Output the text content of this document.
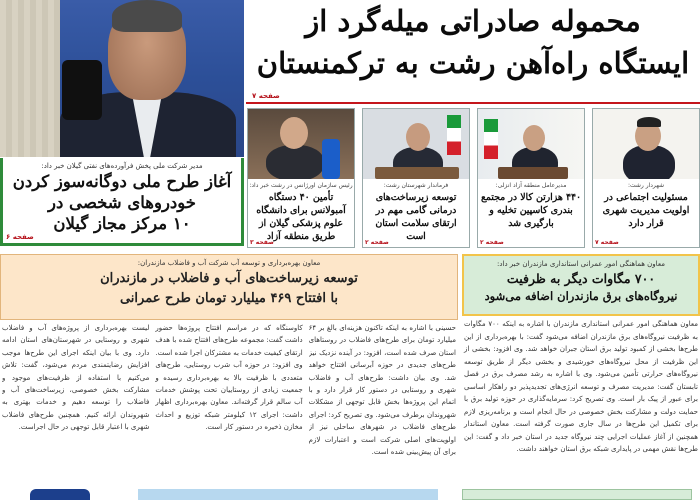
محموله صادراتی میله‌گرد از
ایستگاه راه‌آهن رشت به ترکمنستان
صفحه ۷
مدیر شرکت ملی پخش فرآورده‌های نفتی گیلان خبر داد:
آغاز طرح ملی دوگانه‌سوز کردن
خودروهای شخصی در
۱۰ مرکز مجاز گیلان
صفحه ۶
شهردار رشت:
مسئولیت اجتماعی در اولویت مدیریت شهری قرار دارد
صفحه ۷
مدیرعامل منطقه آزاد انزلی:
۴۴۰ هزارتن کالا در مجتمع بندری کاسپین تخلیه و بارگیری شد
صفحه ۲
فرماندار شهرستان رشت:
توسعه زیرساخت‌های درمانی گامی مهم در ارتقای سلامت استان است
صفحه ۲
رئیس سازمان اورژانس در رشت خبر داد:
تأمین ۴۰ دستگاه آمبولانس برای دانشگاه علوم پزشکی گیلان از طریق منطقه آزاد
صفحه ۳
معاون بهره‌برداری و توسعه آب شرکت آب و فاضلاب مازندران:
توسعه زیرساخت‌های آب و فاضلاب در مازندران
با افتتاح ۴۶۹ میلیارد تومان طرح عمرانی

حسینی با اشاره به اینکه تاکنون هزینه‌ای بالغ بر ۶۴ میلیارد تومان برای طرح‌های فاضلاب در روستاهای استان صرف شده است، افزود: در آینده نزدیک نیز طرح‌های جدیدی در حوزه آبرسانی افتتاح خواهد شد. وی بیان داشت: طرح‌های آب و فاضلاب شهری و روستایی در دستور کار قرار دارد و با اتمام این پروژه‌ها بخش قابل توجهی از مشکلات شهروندان برطرف می‌شود. وی تصریح کرد: اجرای طرح‌های فاضلاب در شهرهای ساحلی نیز از اولویت‌های اصلی شرکت است و اعتبارات لازم برای آن پیش‌بینی شده است.

کاوسنگاه که در مراسم افتتاح پروژه‌ها حضور داشت گفت: مجموعه طرح‌های افتتاح شده با هدف ارتقای کیفیت خدمات به مشترکان اجرا شده است. وی افزود: در حوزه آب شرب روستایی، طرح‌های متعددی با ظرفیت بالا به بهره‌برداری رسیده و جمعیت زیادی از روستاییان تحت پوشش خدمات آب سالم قرار گرفته‌اند. معاون بهره‌برداری اظهار داشت: اجرای ۱۲ کیلومتر شبکه توزیع و احداث مخازن ذخیره در دستور کار است.

لیست بهره‌برداری از پروژه‌های آب و فاضلاب شهری و روستایی در شهرستان‌های استان ادامه دارد. وی با بیان اینکه اجرای این طرح‌ها موجب افزایش رضایتمندی مردم می‌شود، گفت: تلاش می‌کنیم با استفاده از ظرفیت‌های موجود و مشارکت بخش خصوصی، زیرساخت‌های آب و فاضلاب را توسعه دهیم و خدمات بهتری به شهروندان ارائه کنیم. همچنین طرح‌های فاضلاب شهری با اعتبار قابل توجهی در حال اجراست.

معاون هماهنگی امور عمرانی استانداری مازندران خبر داد:
۷۰۰ مگاوات دیگر به ظرفیت
نیروگاه‌های برق مازندران اضافه می‌شود
معاون هماهنگی امور عمرانی استانداری مازندران با اشاره به اینکه ۷۰۰ مگاوات به ظرفیت نیروگاه‌های برق مازندران اضافه می‌شود گفت: با بهره‌برداری از این طرح‌ها بخشی از کمبود تولید برق استان جبران خواهد شد. وی افزود: بخشی از این ظرفیت از محل نیروگاه‌های خورشیدی و بخشی دیگر از طریق توسعه نیروگاه‌های حرارتی تأمین می‌شود. وی با اشاره به رشد مصرف برق در فصل تابستان گفت: مدیریت مصرف و توسعه انرژی‌های تجدیدپذیر دو راهکار اساسی برای عبور از پیک بار است. وی تصریح کرد: سرمایه‌گذاری در حوزه تولید برق با حمایت دولت و مشارکت بخش خصوصی در حال انجام است و برنامه‌ریزی لازم برای تکمیل این طرح‌ها در سال جاری صورت گرفته است. معاون استاندار همچنین از آغاز عملیات اجرایی چند نیروگاه جدید در استان خبر داد و گفت: این طرح‌ها نقش مهمی در پایداری شبکه برق استان خواهند داشت.
